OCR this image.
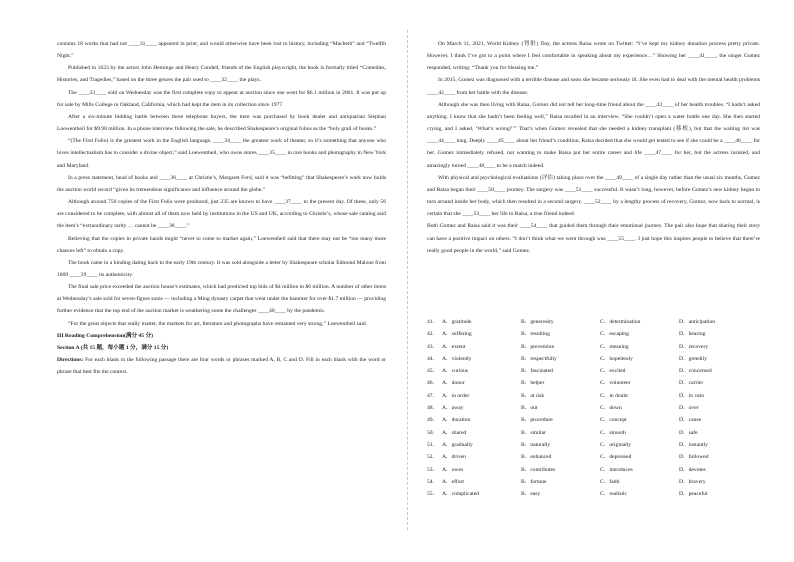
contains 18 works that had not ____31____ appeared in print, and would otherwise have been lost to history, including “Macbeth” and “Twelfth Night.”

Published in 1623 by the actors John Heminge and Henry Condell, friends of the English playwright, the book is formally titled “Comedies, Histories, and Tragedies,” based on the three genres the pair used to ____32____ the plays.

The ____33____ sold on Wednesday was the first complete copy to appear at auction since one went for $6.1 million in 2001. It was put up for sale by Mills College in Oakland, California, which had kept the item in its collection since 1977.

After a six-minute bidding battle between three telephone buyers, the item was purchased by book dealer and antiquarian Stephan Loewentheil for $9.98 million. In a phone interview following the sale, he described Shakespeare’s original folios as the “holy grail of books.”

“(The First Folio) is the greatest work in the English language, ____34____ the greatest work of theater, so it’s something that anyone who loves intellectualism has to consider a divine object,” said Loewentheil, who owns stores ____35____ in rare books and photography in New York and Maryland.

In a press statement, head of books and ____36____ at Christie’s, Margaret Ford, said it was “befitting” that Shakespeare’s work now holds the auction world record “given its tremendous significance and influence around the globe.”

Although around 750 copies of the First Folio were produced, just 235 are known to have ____37____ to the present day. Of these, only 56 are considered to be complete, with almost all of them now held by institutions in the US and UK, according to Christie’s, whose sale catalog said the item’s “extraordinary rarity … cannot be ____38____.”

Believing that the copies in private hands might “never to come to market again,” Loewentheil said that there may not be “too many more chances left” to obtain a copy.

The book came in a binding dating back to the early 19th century. It was sold alongside a letter by Shakespeare scholar Edmond Malone from 1809 ____39____ its authenticity.

The final sale price exceeded the auction house’s estimates, which had predicted top bids of $4 million to $6 million. A number of other items at Wednesday’s sale sold for seven-figure sums — including a Ming dynasty carpet that went under the hammer for over $1.7 million — providing further evidence that the top end of the auction market is weathering some the challenges ____40____ by the pandemic.

“For the great objects that really matter, the markets for art, literature and photographs have remained very strong,” Loewentheil said.

III Reading Comprehension(满分 45 分)

Section A (共 15 题，每小题 1 分，满分 15 分)

Directions: For each blank in the following passage there are four words or phrases marked A, B, C and D. Fill in each blank with the word or phrase that best fits the context.

On March 11, 2021, World Kidney (肾脏) Day, the actress Raisa wrote on Twitter: “I’ve kept my kidney donation process pretty private. However, I think I’ve got to a point where I feel comfortable in speaking about my experience…” Showing her ____41____, the singer Gomez responded, writing: “Thank you for blessing me.”

In 2015, Gomez was diagnosed with a terrible disease and soon she became seriously ill. She even had to deal with the mental health problems ____42____ from her battle with the disease.

Although she was then living with Raisa, Gomez did not tell her long-time friend about the ____43____ of her health troubles. “I hadn’t asked anything. I knew that she hadn’t been feeling well,” Raisa recalled in an interview. “She couldn’t open a water bottle one day. She then started crying, and I asked, ‘What’s wrong?’” That’s when Gomez revealed that she needed a kidney transplant (移植), but that the waiting list was ____44____ long. Deeply ____45____ about her friend’s condition, Raisa decided that she would get tested to see if she could be a ____46____ for her. Gomez immediately refused, not wanting to make Raisa put her entire career and life ____47____ for her, but the actress insisted, and amazingly turned ____48____ to be a match indeed.

With physical and psychological evaluations (评估) taking place over the ____49____ of a single day rather than the usual six months, Gomez and Raisa began their ____50____ journey. The surgery was ____51____ successful. It wasn’t long, however, before Gomez’s new kidney began to turn around inside her body, which then resulted in a second surgery. ____52____ by a lengthy process of recovery, Gomez, now back to normal, is certain that she ____53____ her life to Raisa, a true friend indeed.

Both Gomez and Raisa said it was their ____54____ that guided them through their emotional journey. The pair also hope that sharing their story can have a positive impact on others. “I don’t think what we went through was ____55____. I just hope this inspires people to believe that there’re really good people in the world,” said Gomez.

41． A．gratitude	B．generosity	C．determination	D．anticipation
42． A．suffering	B．resulting	C．escaping	D．hearing
43． A．extent	B．prevention	C．meaning	D．recovery
44． A．violently	B．respectfully	C．hopelessly	D．greedily
45． A．curious	B．fascinated	C．excited	D．concerned
46． A．donor	B．helper	C．volunteer	D．carrier
47． A．in order	B．at risk	C．in doubt	D．in vain
48． A．away	B．out	C．down	D．over
49． A．duration	B．procedure	C．concept	D．cause
50． A．shared	B．similar	C．smooth	D．safe
51． A．gradually	B．naturally	C．originally	D．instantly
52． A．driven	B．enhanced	C．depressed	D．followed
53． A．owes	B．contributes	C．introduces	D．devotes
54． A．effort	B．fortune	C．faith	D．bravery
55． A．complicated	B．easy	C．realistic	D．peaceful
